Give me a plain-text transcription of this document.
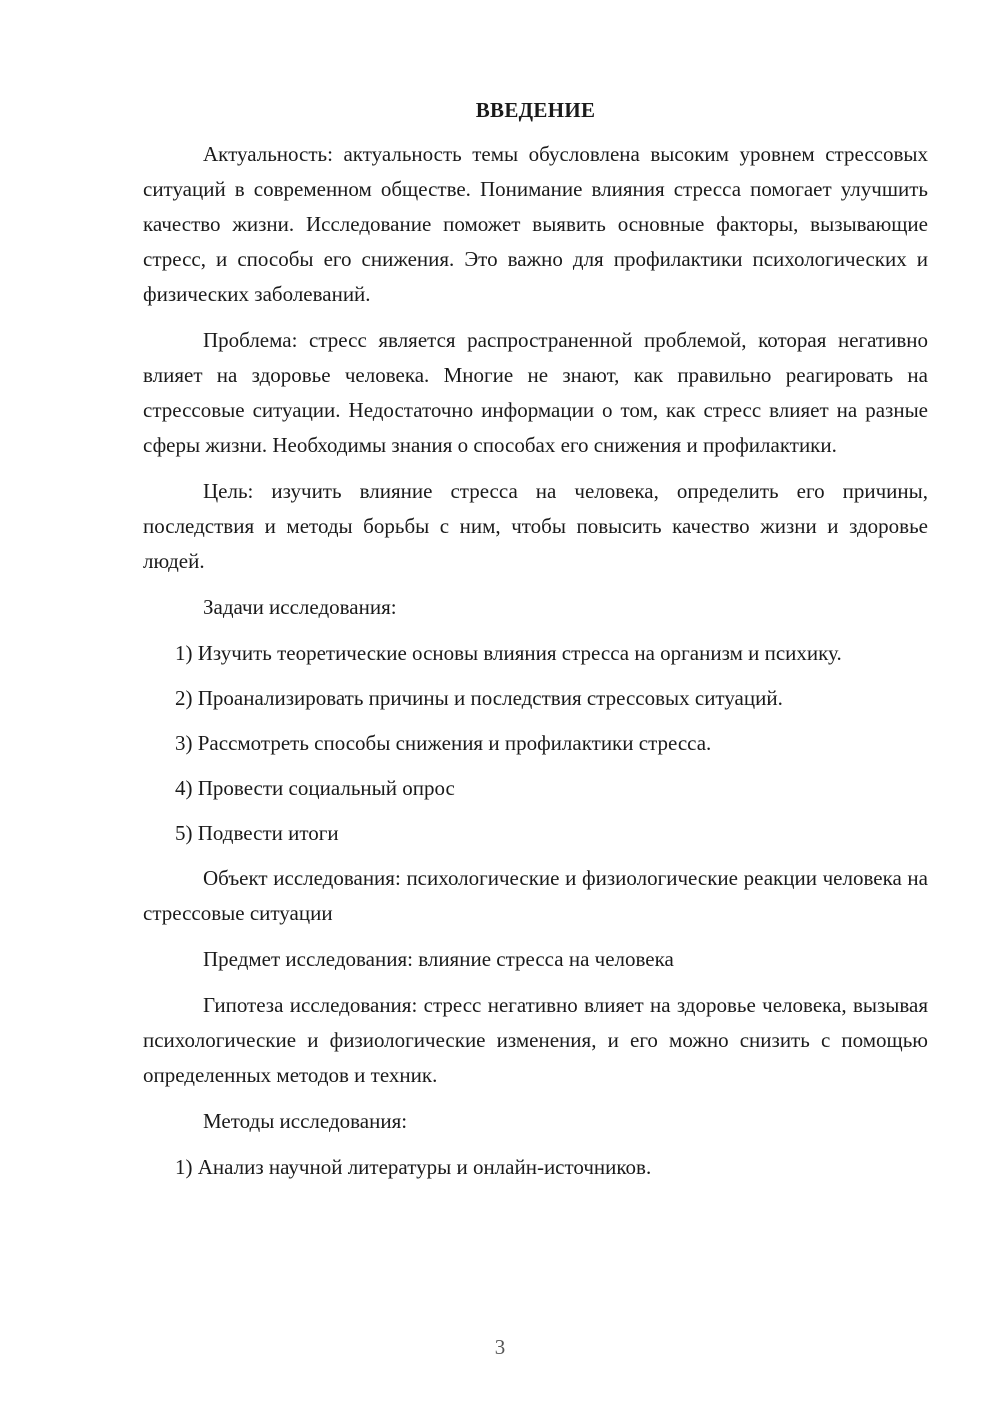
ВВЕДЕНИЕ

Актуальность: актуальность темы обусловлена высоким уровнем стрессовых ситуаций в современном обществе. Понимание влияния стресса помогает улучшить качество жизни. Исследование поможет выявить основные факторы, вызывающие стресс, и способы его снижения. Это важно для профилактики психологических и физических заболеваний.

Проблема: стресс является распространенной проблемой, которая негативно влияет на здоровье человека. Многие не знают, как правильно реагировать на стрессовые ситуации. Недостаточно информации о том, как стресс влияет на разные сферы жизни. Необходимы знания о способах его снижения и профилактики.

Цель: изучить влияние стресса на человека, определить его причины, последствия и методы борьбы с ним, чтобы повысить качество жизни и здоровье людей.

Задачи исследования:

1) Изучить теоретические основы влияния стресса на организм и психику.

2) Проанализировать причины и последствия стрессовых ситуаций.

3) Рассмотреть способы снижения и профилактики стресса.

4) Провести социальный опрос

5) Подвести итоги

Объект исследования: психологические и физиологические реакции человека на стрессовые ситуации

Предмет исследования: влияние стресса на человека

Гипотеза исследования: стресс негативно влияет на здоровье человека, вызывая психологические и физиологические изменения, и его можно снизить с помощью определенных методов и техник.

Методы исследования:

1) Анализ научной литературы и онлайн-источников.

3
